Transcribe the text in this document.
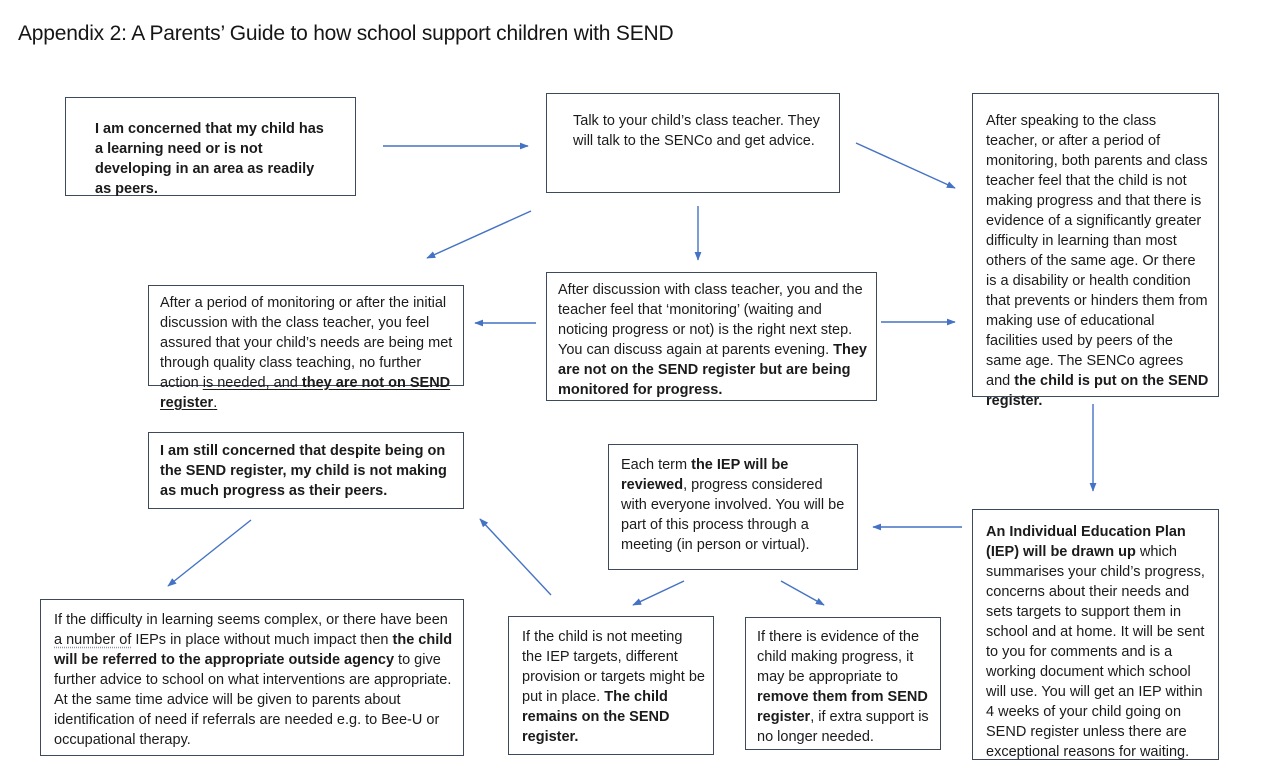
Appendix 2: A Parents’ Guide to how school support children with SEND
I am concerned that my child has a learning need or is not developing in an area as readily as peers.
Talk to your child’s class teacher. They will talk to the SENCo and get advice.
After speaking to the class teacher, or after a period of monitoring, both parents and class teacher feel that the child is not making progress and that there is evidence of a significantly greater difficulty in learning than most others of the same age. Or there is a disability or health condition that prevents or hinders them from making use of educational facilities used by peers of the same age. The SENCo agrees and the child is put on the SEND register.
After a period of monitoring or after the initial discussion with the class teacher, you feel assured that your child’s needs are being met through quality class teaching, no further action is needed, and they are not on SEND register.
After discussion with class teacher, you and the teacher feel that ‘monitoring’ (waiting and noticing progress or not) is the right next step. You can discuss again at parents evening. They are not on the SEND register but are being monitored for progress.
I am still concerned that despite being on the SEND register, my child is not making as much progress as their peers.
Each term the IEP will be reviewed, progress considered with everyone involved. You will be part of this process through a meeting (in person or virtual).
An Individual Education Plan (IEP) will be drawn up which summarises your child’s progress, concerns about their needs and sets targets to support them in school and at home. It will be sent to you for comments and is a working document which school will use. You will get an IEP within 4 weeks of your child going on SEND register unless there are exceptional reasons for waiting.
If the difficulty in learning seems complex, or there have been a number of IEPs in place without much impact then the child will be referred to the appropriate outside agency to give further advice to school on what interventions are appropriate. At the same time advice will be given to parents about identification of need if referrals are needed e.g. to Bee-U or occupational therapy.
If the child is not meeting the IEP targets, different provision or targets might be put in place. The child remains on the SEND register.
If there is evidence of the child making progress, it may be appropriate to remove them from SEND register, if extra support is no longer needed.
